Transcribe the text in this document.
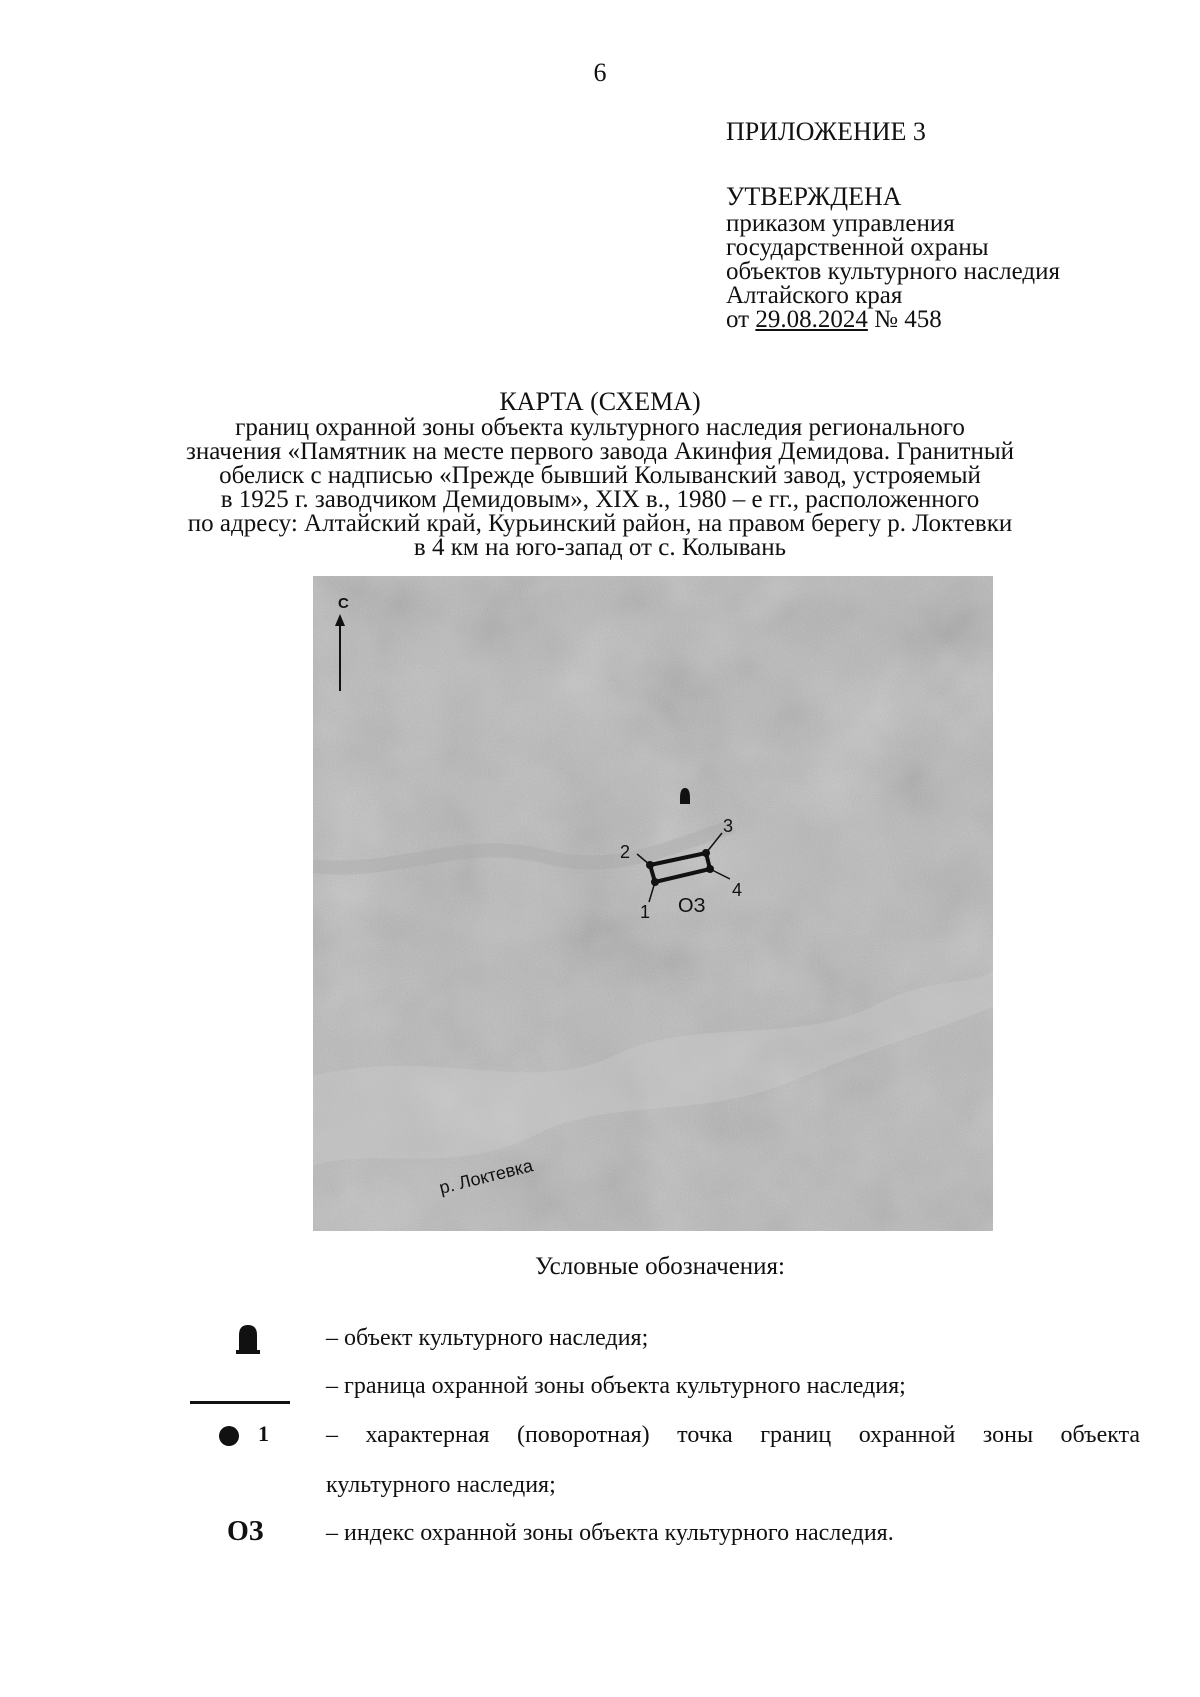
6
ПРИЛОЖЕНИЕ 3
УТВЕРЖДЕНА
приказом управления
государственной охраны
объектов культурного наследия
Алтайского края
от 29.08.2024 № 458
КАРТА (СХЕМА)
границ охранной зоны объекта культурного наследия регионального
значения «Памятник на месте первого завода Акинфия Демидова. Гранитный
обелиск с надписью «Прежде бывший Колыванский завод, устрояемый
в 1925 г. заводчиком Демидовым», XIX в., 1980 – е гг., расположенного
по адресу: Алтайский край, Курьинский район, на правом берегу р. Локтевки
в 4 км на юго-запад от с. Колывань
С
1
2
3
4
ОЗ
р. Локтевка
Условные обозначения:
– объект культурного наследия;
– граница охранной зоны объекта культурного наследия;
1 – характерная (поворотная) точка границ охранной зоны объекта
культурного наследия;
ОЗ	– индекс охранной зоны объекта культурного наследия.
